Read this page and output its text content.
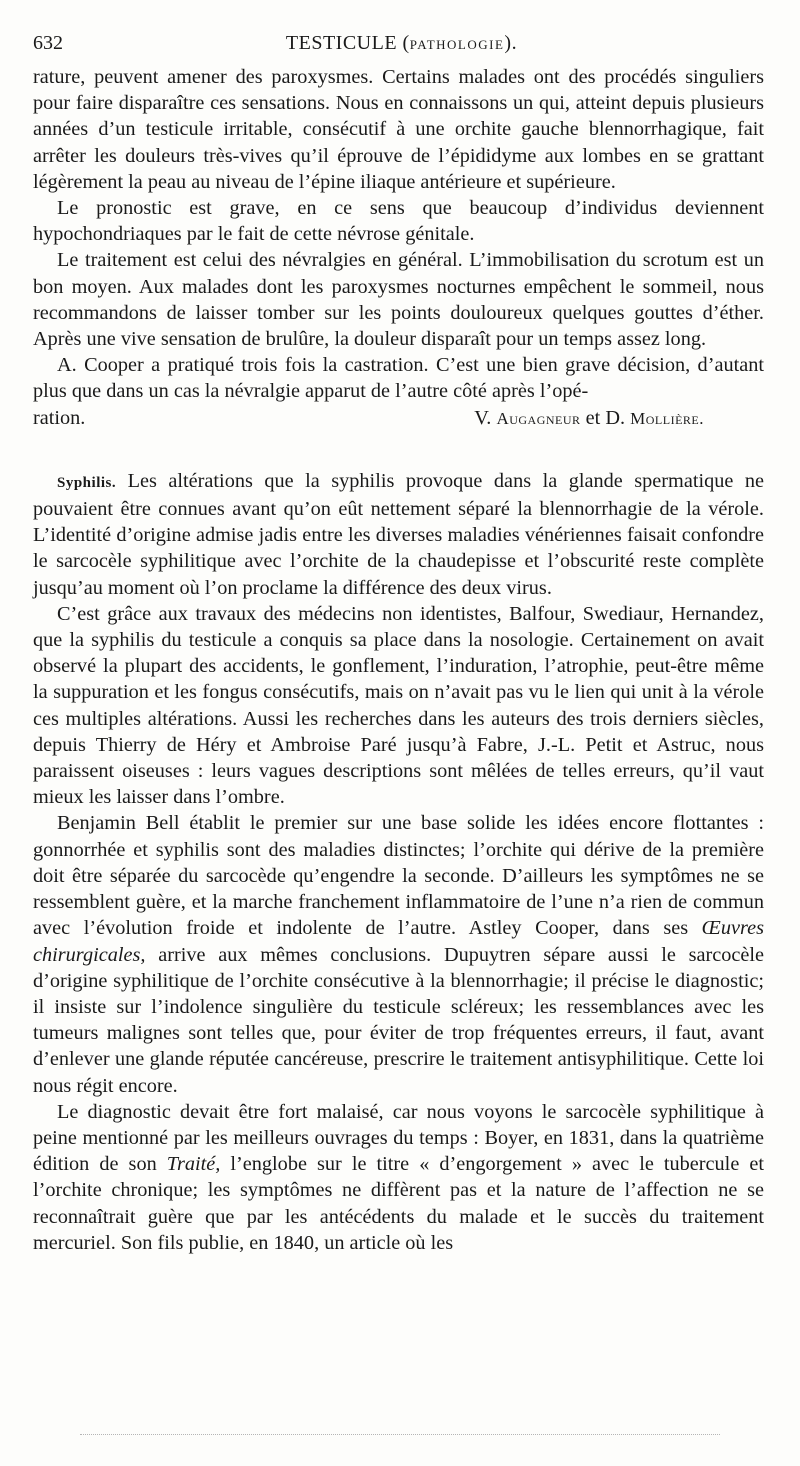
632	TESTICULE (PATHOLOGIE).

rature, peuvent amener des paroxysmes. Certains malades ont des procédés singuliers pour faire disparaître ces sensations. Nous en connaissons un qui, atteint depuis plusieurs années d’un testicule irritable, consécutif à une orchite gauche blennorrhagique, fait arrêter les douleurs très-vives qu’il éprouve de l’épididyme aux lombes en se grattant légèrement la peau au niveau de l’épine iliaque antérieure et supérieure.

Le pronostic est grave, en ce sens que beaucoup d’individus deviennent hypochondriaques par le fait de cette névrose génitale.

Le traitement est celui des névralgies en général. L’immobilisation du scrotum est un bon moyen. Aux malades dont les paroxysmes nocturnes empêchent le sommeil, nous recommandons de laisser tomber sur les points douloureux quelques gouttes d’éther. Après une vive sensation de brulûre, la douleur disparaît pour un temps assez long.

A. Cooper a pratiqué trois fois la castration. C’est une bien grave décision, d’autant plus que dans un cas la névralgie apparut de l’autre côté après l’opé-

ration.	V. Augagneur et D. Mollière.

Syphilis. Les altérations que la syphilis provoque dans la glande spermatique ne pouvaient être connues avant qu’on eût nettement séparé la blennorrhagie de la vérole. L’identité d’origine admise jadis entre les diverses maladies vénériennes faisait confondre le sarcocèle syphilitique avec l’orchite de la chaudepisse et l’obscurité reste complète jusqu’au moment où l’on proclame la différence des deux virus.

C’est grâce aux travaux des médecins non identistes, Balfour, Swediaur, Hernandez, que la syphilis du testicule a conquis sa place dans la nosologie. Certainement on avait observé la plupart des accidents, le gonflement, l’induration, l’atrophie, peut-être même la suppuration et les fongus consécutifs, mais on n’avait pas vu le lien qui unit à la vérole ces multiples altérations. Aussi les recherches dans les auteurs des trois derniers siècles, depuis Thierry de Héry et Ambroise Paré jusqu’à Fabre, J.-L. Petit et Astruc, nous paraissent oiseuses : leurs vagues descriptions sont mêlées de telles erreurs, qu’il vaut mieux les laisser dans l’ombre.

Benjamin Bell établit le premier sur une base solide les idées encore flottantes : gonnorrhée et syphilis sont des maladies distinctes; l’orchite qui dérive de la première doit être séparée du sarcocède qu’engendre la seconde. D’ailleurs les symptômes ne se ressemblent guère, et la marche franchement inflammatoire de l’une n’a rien de commun avec l’évolution froide et indolente de l’autre. Astley Cooper, dans ses Œuvres chirurgicales, arrive aux mêmes conclusions. Dupuytren sépare aussi le sarcocèle d’origine syphilitique de l’orchite consécutive à la blennorrhagie; il précise le diagnostic; il insiste sur l’indolence singulière du testicule scléreux; les ressemblances avec les tumeurs malignes sont telles que, pour éviter de trop fréquentes erreurs, il faut, avant d’enlever une glande réputée cancéreuse, prescrire le traitement antisyphilitique. Cette loi nous régit encore.

Le diagnostic devait être fort malaisé, car nous voyons le sarcocèle syphilitique à peine mentionné par les meilleurs ouvrages du temps : Boyer, en 1831, dans la quatrième édition de son Traité, l’englobe sur le titre « d’engorgement » avec le tubercule et l’orchite chronique; les symptômes ne diffèrent pas et la nature de l’affection ne se reconnaîtrait guère que par les antécédents du malade et le succès du traitement mercuriel. Son fils publie, en 1840, un article où les
